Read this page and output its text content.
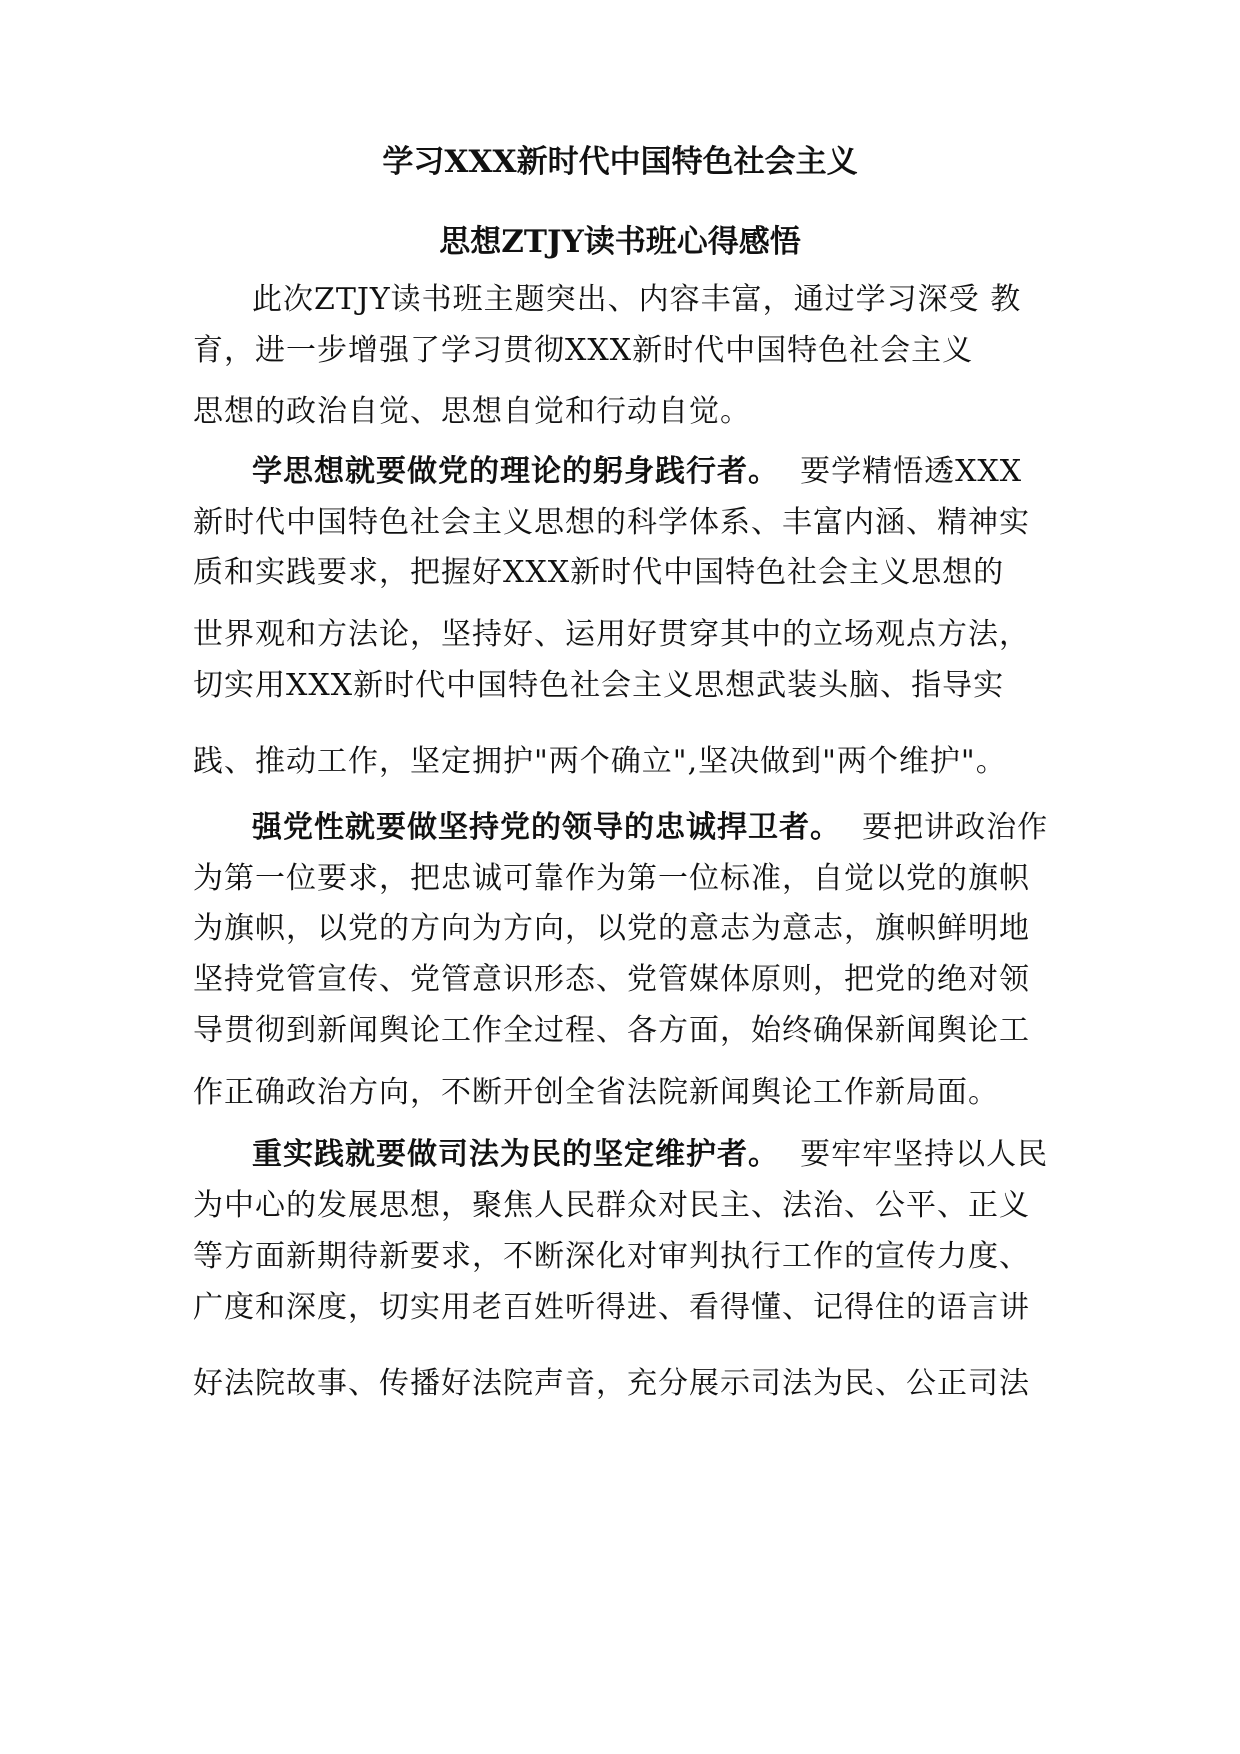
学习XXX新时代中国特色社会主义
思想ZTJY读书班心得感悟
此次ZTJY读书班主题突出、内容丰富，通过学习深受 教
育，进一步增强了学习贯彻XXX新时代中国特色社会主义
思想的政治自觉、思想自觉和行动自觉。
学思想就要做党的理论的躬身践行者。 要学精悟透XXX
新时代中国特色社会主义思想的科学体系、丰富内涵、精神实
质和实践要求，把握好XXX新时代中国特色社会主义思想的
世界观和方法论，坚持好、运用好贯穿其中的立场观点方法，
切实用XXX新时代中国特色社会主义思想武装头脑、指导实
践、推动工作，坚定拥护"两个确立",坚决做到"两个维护"。
强党性就要做坚持党的领导的忠诚捍卫者。 要把讲政治作
为第一位要求，把忠诚可靠作为第一位标准，自觉以党的旗帜
为旗帜，以党的方向为方向，以党的意志为意志，旗帜鲜明地
坚持党管宣传、党管意识形态、党管媒体原则，把党的绝对领
导贯彻到新闻舆论工作全过程、各方面，始终确保新闻舆论工
作正确政治方向，不断开创全省法院新闻舆论工作新局面。
重实践就要做司法为民的坚定维护者。 要牢牢坚持以人民
为中心的发展思想，聚焦人民群众对民主、法治、公平、正义
等方面新期待新要求，不断深化对审判执行工作的宣传力度、
广度和深度，切实用老百姓听得进、看得懂、记得住的语言讲
好法院故事、传播好法院声音，充分展示司法为民、公正司法
